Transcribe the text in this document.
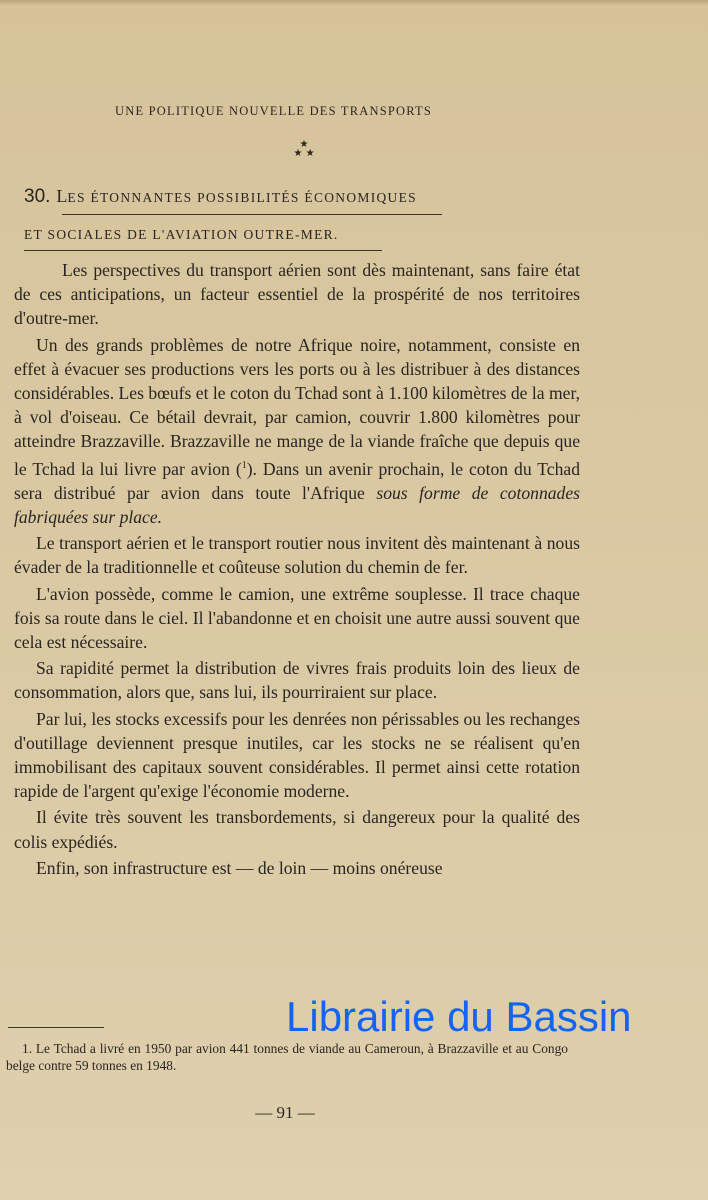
UNE POLITIQUE NOUVELLE DES TRANSPORTS
★
★ ★
30. LES ÉTONNANTES POSSIBILITÉS ÉCONOMIQUES
ET SOCIALES DE L'AVIATION OUTRE-MER.

Les perspectives du transport aérien sont dès maintenant, sans faire état de ces anticipations, un facteur essentiel de la prospérité de nos territoires d'outre-mer.

Un des grands problèmes de notre Afrique noire, notamment, consiste en effet à évacuer ses productions vers les ports ou à les distribuer à des distances considérables. Les bœufs et le coton du Tchad sont à 1.100 kilomètres de la mer, à vol d'oiseau. Ce bétail devrait, par camion, couvrir 1.800 kilomètres pour atteindre Brazzaville. Brazzaville ne mange de la viande fraîche que depuis que le Tchad la lui livre par avion ($^1$). Dans un avenir prochain, le coton du Tchad sera distribué par avion dans toute l'Afrique sous forme de cotonnades fabriquées sur place.

Le transport aérien et le transport routier nous invitent dès maintenant à nous évader de la traditionnelle et coûteuse solution du chemin de fer.

L'avion possède, comme le camion, une extrême souplesse. Il trace chaque fois sa route dans le ciel. Il l'abandonne et en choisit une autre aussi souvent que cela est nécessaire.

Sa rapidité permet la distribution de vivres frais produits loin des lieux de consommation, alors que, sans lui, ils pourriraient sur place.

Par lui, les stocks excessifs pour les denrées non périssables ou les rechanges d'outillage deviennent presque inutiles, car les stocks ne se réalisent qu'en immobilisant des capitaux souvent considérables. Il permet ainsi cette rotation rapide de l'argent qu'exige l'économie moderne.

Il évite très souvent les transbordements, si dangereux pour la qualité des colis expédiés.

Enfin, son infrastructure est — de loin — moins onéreuse

1. Le Tchad a livré en 1950 par avion 441 tonnes de viande au Cameroun, à Brazzaville et au Congo belge contre 59 tonnes en 1948.

— 91 —
Librairie du Bassin
